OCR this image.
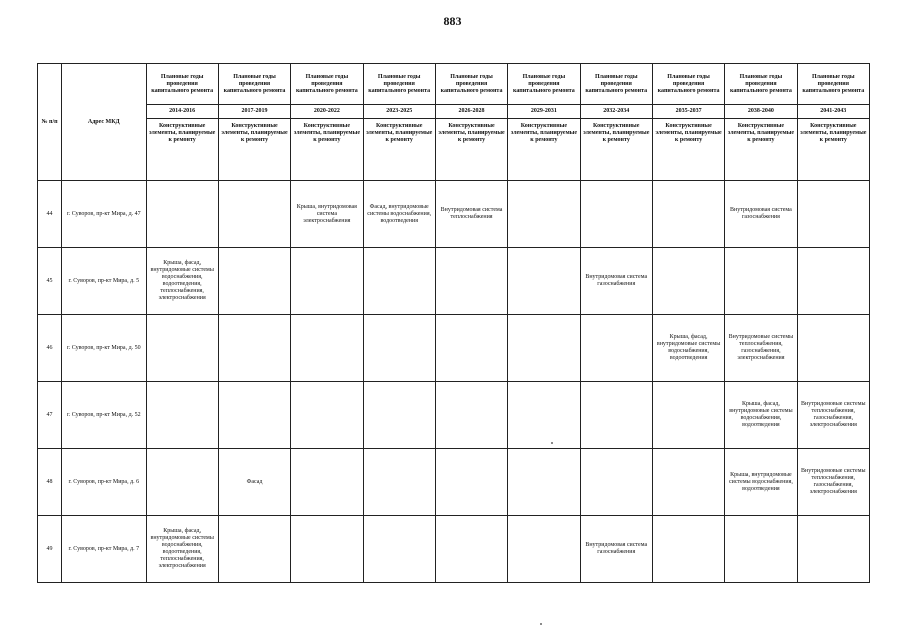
883
№ п/п	Адрес МКД	Плановые годы проведения капитального ремонта	Плановые годы проведения капитального ремонта	Плановые годы проведения капитального ремонта	Плановые годы проведения капитального ремонта	Плановые годы проведения капитального ремонта	Плановые годы проведения капитального ремонта	Плановые годы проведения капитального ремонта	Плановые годы проведения капитального ремонта	Плановые годы проведения капитального ремонта	Плановые годы проведения капитального ремонта
		2014-2016	2017-2019	2020-2022	2023-2025	2026-2028	2029-2031	2032-2034	2035-2037	2038-2040	2041-2043
		Конструктивные элементы, планируемые к ремонту	Конструктивные элементы, планируемые к ремонту	Конструктивные элементы, планируемые к ремонту	Конструктивные элементы, планируемые к ремонту	Конструктивные элементы, планируемые к ремонту	Конструктивные элементы, планируемые к ремонту	Конструктивные элементы, планируемые к ремонту	Конструктивные элементы, планируемые к ремонту	Конструктивные элементы, планируемые к ремонту	Конструктивные элементы, планируемые к ремонту
44	г. Суворов, пр-кт Мира, д. 47			Крыша, внутридомовая система электроснабжения	Фасад, внутридомовые системы водоснабжения, водоотведения	Внутридомовая система теплоснабжения				Внутридомовая система газоснабжения	
45	г. Суворов, пр-кт Мира, д. 5	Крыша, фасад, внутридомовые системы водоснабжения, водоотведения, теплоснабжения, электроснабжения						Внутридомовая система газоснабжения			
46	г. Суворов, пр-кт Мира, д. 50								Крыша, фасад, внутридомовые системы водоснабжения, водоотведения	Внутридомовые системы теплоснабжения, газоснабжения, электроснабжения	
47	г. Суворов, пр-кт Мира, д. 52									Крыша, фасад, внутридомовые системы водоснабжения, водоотведения	Внутридомовые системы теплоснабжения, газоснабжения, электроснабжения
48	г. Суворов, пр-кт Мира, д. 6		Фасад							Крыша, внутридомовые системы водоснабжения, водоотведения	Внутридомовые системы теплоснабжения, газоснабжения, электроснабжения
49	г. Суворов, пр-кт Мира, д. 7	Крыша, фасад, внутридомовые системы водоснабжения, водоотведения, теплоснабжения, электроснабжения						Внутридомовая система газоснабжения			
